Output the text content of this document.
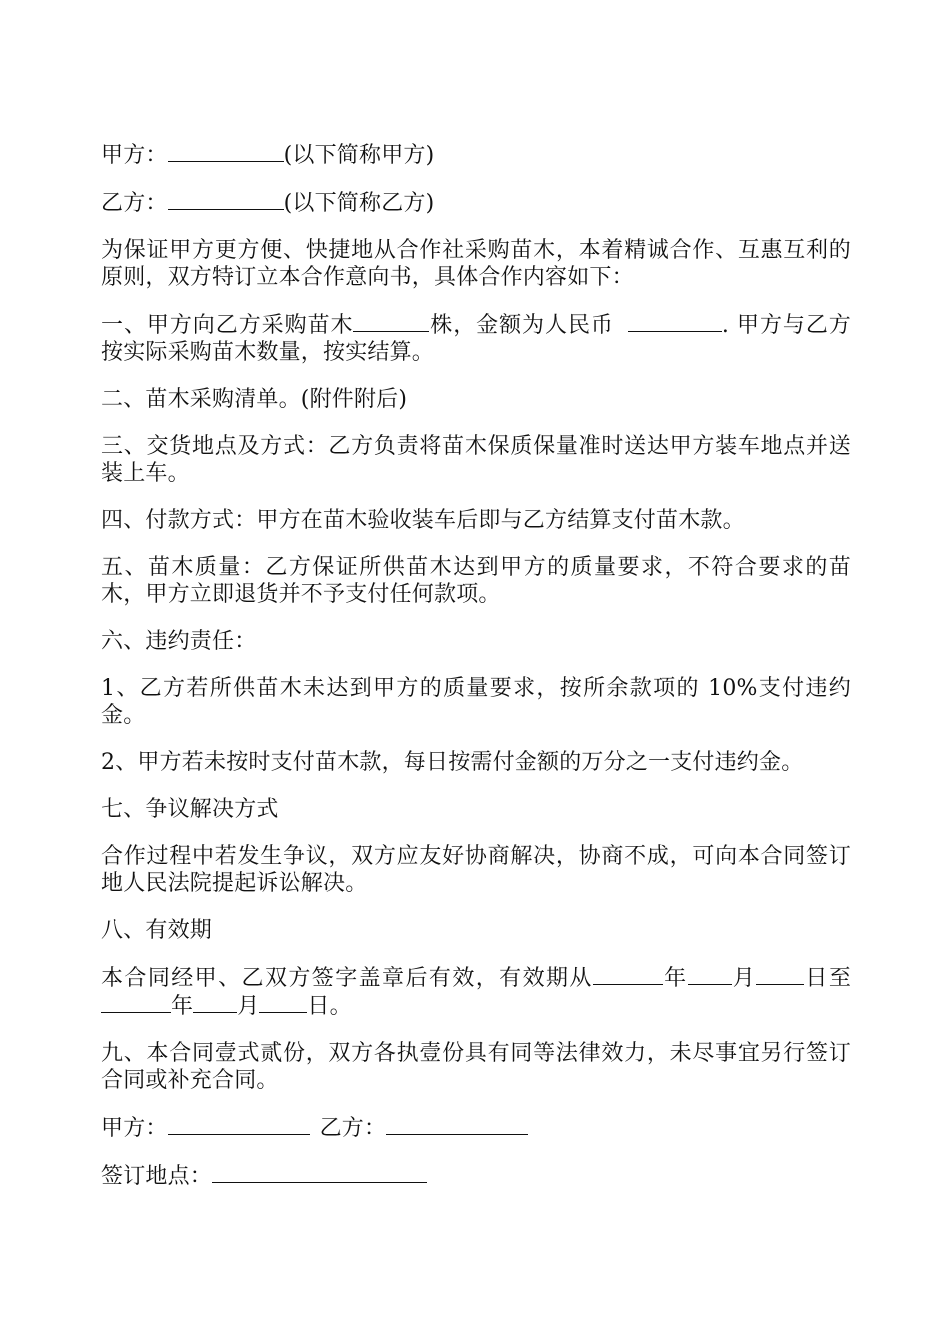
甲方：	(以下简称甲方)

乙方：	(以下简称乙方)

为保证甲方更方便、快捷地从合作社采购苗木，本着精诚合作、互惠互利的原则，双方特订立本合作意向书，具体合作内容如下：

一、甲方向乙方采购苗木	株，金额为人民币	. 甲方与乙方按实际采购苗木数量，按实结算。

二、苗木采购清单。(附件附后)

三、交货地点及方式：乙方负责将苗木保质保量准时送达甲方装车地点并送装上车。

四、付款方式：甲方在苗木验收装车后即与乙方结算支付苗木款。

五、苗木质量：乙方保证所供苗木达到甲方的质量要求，不符合要求的苗木，甲方立即退货并不予支付任何款项。

六、违约责任：

1、乙方若所供苗木未达到甲方的质量要求，按所余款项的 10%支付违约金。

2、甲方若未按时支付苗木款，每日按需付金额的万分之一支付违约金。

七、争议解决方式

合作过程中若发生争议，双方应友好协商解决，协商不成，可向本合同签订地人民法院提起诉讼解决。

八、有效期

本合同经甲、乙双方签字盖章后有效，有效期从	年 月 日至年 月 日。

九、本合同壹式贰份，双方各执壹份具有同等法律效力，未尽事宜另行签订合同或补充合同。

甲方：	乙方：

签订地点：
